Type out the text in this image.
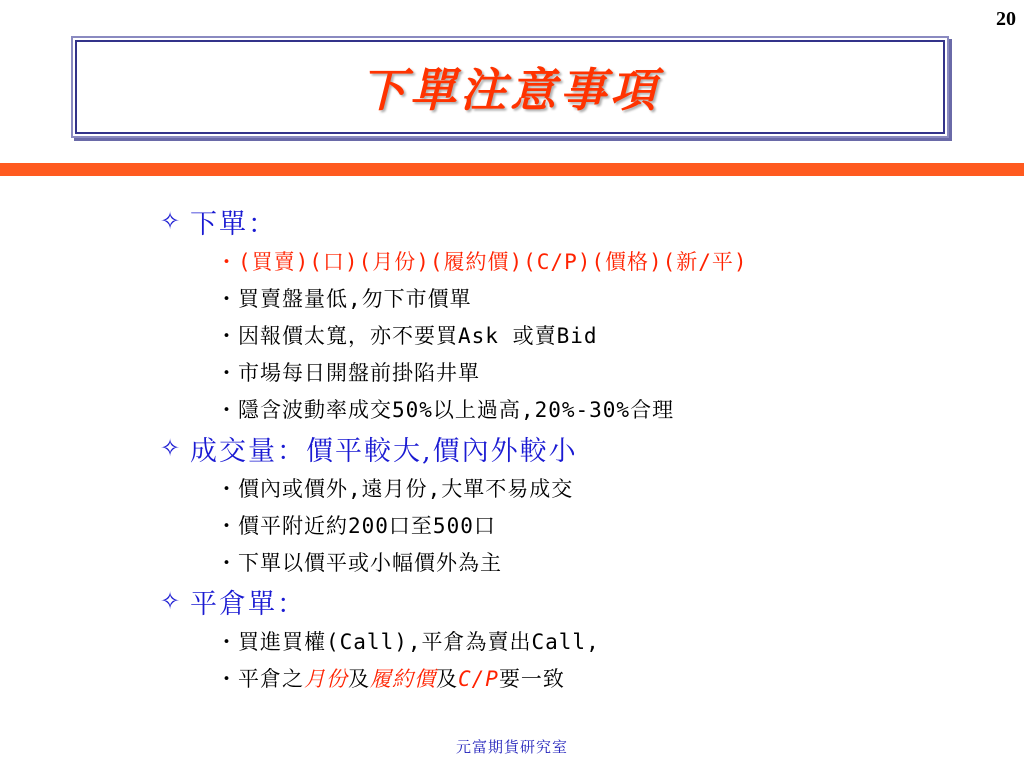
20
下單注意事項
✧ 下單：
・ (買賣)(口)(月份)(履約價)(C/P)(價格)(新/平)
・ 買賣盤量低,勿下市價單
・ 因報價太寬，亦不要買Ask 或賣Bid
・ 市場每日開盤前掛陷井單
・ 隱含波動率成交50%以上過高,20%-30%合理
✧ 成交量：價平較大,價內外較小
・ 價內或價外,遠月份,大單不易成交
・ 價平附近約200口至500口
・ 下單以價平或小幅價外為主
✧ 平倉單：
・ 買進買權(Call),平倉為賣出Call,
・ 平倉之月份及履約價及C/P要一致
元富期貨研究室
